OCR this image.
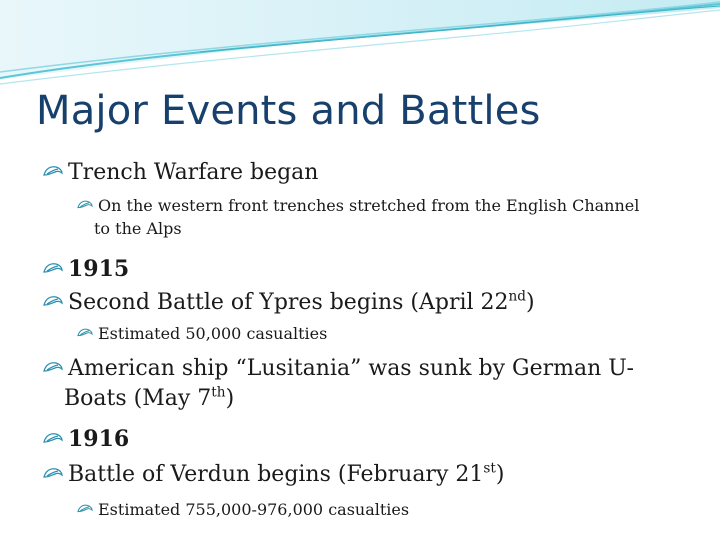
Major Events and Battles
Trench Warfare began
On the western front trenches stretched from the English Channel
to the Alps
1915
Second Battle of Ypres begins (April 22nd)
Estimated 50,000 casualties
American ship “Lusitania” was sunk by German U-
Boats (May 7th)
1916
Battle of Verdun begins (February 21st)
Estimated 755,000-976,000 casualties
